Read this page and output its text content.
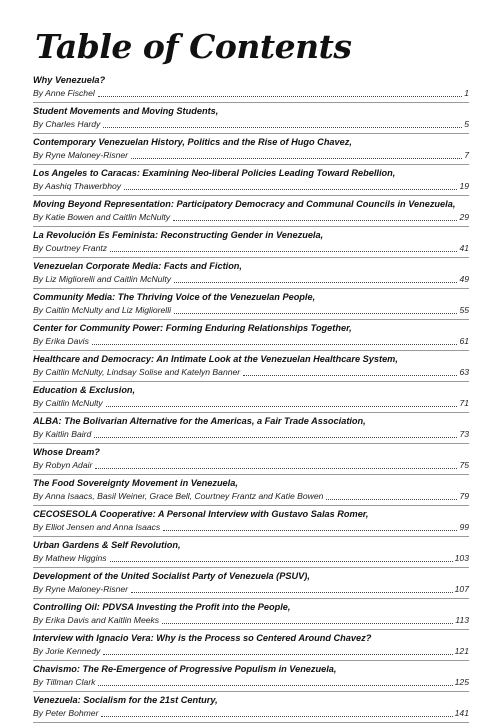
Table of Contents
Why Venezuela?
By Anne Fischel	1
Student Movements and Moving Students,
By Charles Hardy	5
Contemporary Venezuelan History, Politics and the Rise of Hugo Chavez,
By Ryne Maloney-Risner	7
Los Angeles to Caracas: Examining Neo-liberal Policies Leading Toward Rebellion,
By Aashiq Thawerbhoy	19
Moving Beyond Representation: Participatory Democracy and Communal Councils in Venezuela,
By Katie Bowen and Caitlin McNulty	29
La Revolución Es Feminista: Reconstructing Gender in Venezuela,
By Courtney Frantz	41
Venezuelan Corporate Media: Facts and Fiction,
By Liz Migliorelli and Caitlin McNulty	49
Community Media: The Thriving Voice of the Venezuelan People,
By Caitlin McNulty and Liz Migliorelli	55
Center for Community Power: Forming Enduring Relationships Together,
By Erika Davis	61
Healthcare and Democracy: An Intimate Look at the Venezuelan Healthcare System,
By Caitlin McNulty, Lindsay Solise and Katelyn Banner	63
Education & Exclusion,
By Caitlin McNulty	71
ALBA: The Bolivarian Alternative for the Americas, a Fair Trade Association,
By Kaitlin Baird	73
Whose Dream?
By Robyn Adair	75
The Food Sovereignty Movement in Venezuela,
By Anna Isaacs, Basil Weiner, Grace Bell, Courtney Frantz and Katie Bowen	79
CECOSESOLA Cooperative: A Personal Interview with Gustavo Salas Romer,
By Elliot Jensen and Anna Isaacs	99
Urban Gardens & Self Revolution,
By Mathew Higgins	103
Development of the United Socialist Party of Venezuela (PSUV),
By Ryne Maloney-Risner	107
Controlling Oil: PDVSA Investing the Profit into the People,
By Erika Davis and Kaitlin Meeks	113
Interview with Ignacio Vera: Why is the Process so Centered Around Chavez?
By Jorie Kennedy	121
Chavismo: The Re-Emergence of Progressive Populism in Venezuela,
By Tillman Clark	125
Venezuela: Socialism for the 21st Century,
By Peter Bohmer	141
